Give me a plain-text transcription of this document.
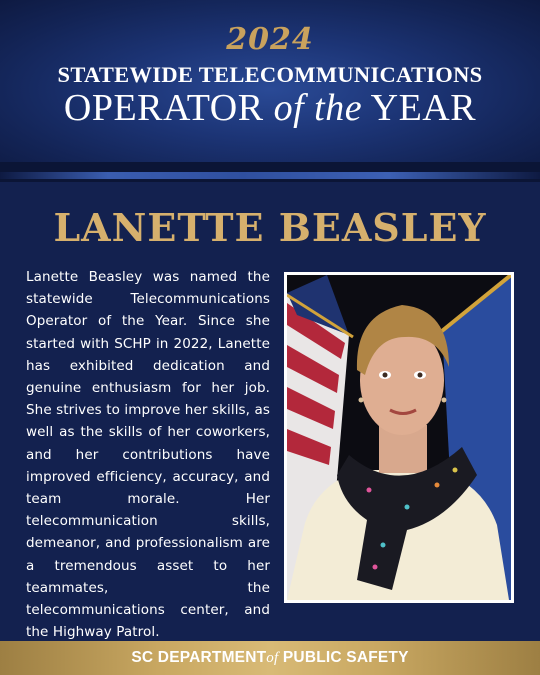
2024
STATEWIDE TELECOMMUNICATIONS
OPERATOR of the YEAR
LANETTE BEASLEY
Lanette Beasley was named the statewide Telecommunications Operator of the Year. Since she started with SCHP in 2022, Lanette has exhibited dedication and genuine enthusiasm for her job. She strives to improve her skills, as well as the skills of her coworkers, and her contributions have improved efficiency, accuracy, and team morale. Her telecommunication skills, demeanor, and professionalism are a tremendous asset to her teammates, the telecommunications center, and the Highway Patrol.
SC DEPARTMENTof PUBLIC SAFETY
